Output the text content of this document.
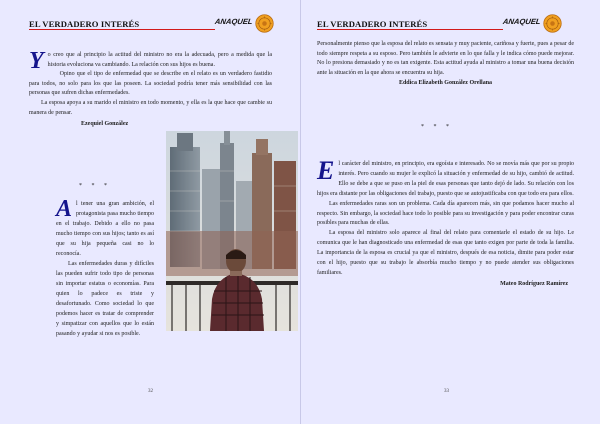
EL VERDADERO INTERÉS	ANAQUEL

Y o creo que al principio la actitud del ministro no era la adecuada, pero a medida que la historia evoluciona va cambiando. La relación con sus hijos es buena.

Opino que el tipo de enfermedad que se describe en el relato es un verdadero fastidio para todos, no solo para los que las poseen. La sociedad podría tener más sensibilidad con las personas que sufren dichas enfermedades.

La esposa apoya a su marido el ministro en todo momento, y ella es la que hace que cambie su manera de pensar.

Ezequiel González

* * *

A l tener una gran ambición, el protagonista pasa mucho tiempo en el trabajo. Debido a ello no pasa mucho tiempo con sus hijos; tanto es así que su hija pequeña casi no lo reconocía.

Las enfermedades duras y difíciles las pueden sufrir todo tipo de personas sin importar estatus o economías. Para quien lo padece es triste y desafortunado. Como sociedad lo que podemos hacer es tratar de comprender y simpatizar con aquellos que lo están pasando y ayudar si nos es posible.

32
EL VERDADERO INTERÉS	ANAQUEL

Personalmente pienso que la esposa del relato es sensata y muy paciente, cariñosa y fuerte, pues a pesar de todo siempre respeta a su esposo. Pero también le advierte en lo que falla y le indica cómo puede mejorar. No lo presiona demasiado y no es tan exigente. Esta actitud ayuda al ministro a tomar una buena decisión ante la situación en la que ahora se encuentra su hija.

Eddica Elizabeth González Orellana

* * *

E l carácter del ministro, en principio, era egoísta e interesado. No se movía más que por su propio interés. Pero cuando su mujer le explicó la situación y enfermedad de su hijo, cambió de actitud. Ello se debe a que se puso en la piel de esas personas que tanto dejó de lado. Su relación con los hijos era distante por las obligaciones del trabajo, puesto que se autojustificaba con que todo era para ellos.

Las enfermedades raras son un problema. Cada día aparecen más, sin que podamos hacer mucho al respecto. Sin embargo, la sociedad hace todo lo posible para su investigación y para poder encontrar curas posibles para muchas de ellas.

La esposa del ministro solo aparece al final del relato para comentarle el estado de su hijo. Le comunica que le han diagnosticado una enfermedad de esas que tanto exigen por parte de toda la familia. La importancia de la esposa es crucial ya que el ministro, después de esa noticia, dimite para poder estar con el hijo, puesto que su trabajo le absorbía mucho tiempo y no puede atender sus obligaciones familiares.

Mateo Rodríguez Ramírez

33
